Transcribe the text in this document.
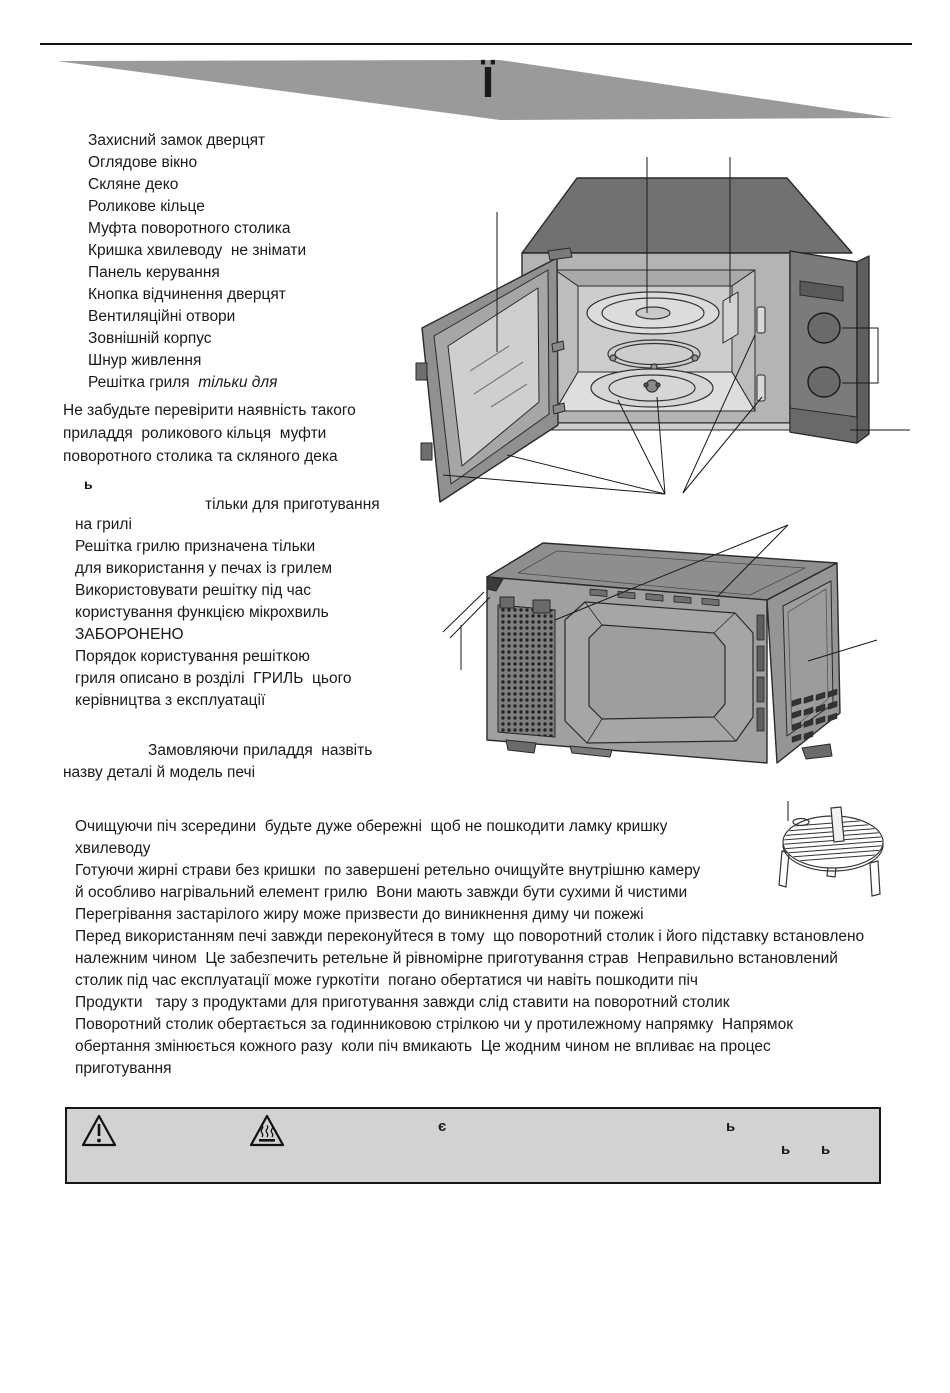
Ї
Захисний замок дверцят
Оглядове вікно
Скляне деко
Роликове кільце
Муфта поворотного столика
Кришка хвилеводу  не знімати
Панель керування
Кнопка відчинення дверцят
Вентиляційні отвори
Зовнішній корпус
Шнур живлення
Решітка гриля  тільки для
Не забудьте перевірити наявність такого
приладдя  роликового кільця  муфти
поворотного столика та скляного дека
ь
тільки для приготування
на грилі
Решітка грилю призначена тільки
для використання у печах із грилем
Використовувати решітку під час
користування функцією мікрохвиль
ЗАБОРОНЕНО
Порядок користування решіткою
гриля описано в розділі  ГРИЛЬ  цього
керівництва з експлуатації
Замовляючи приладдя  назвіть
назву деталі й модель печі
Очищуючи піч зсередини  будьте дуже обережні  щоб не пошкодити ламку кришку
хвилеводу
Готуючи жирні страви без кришки  по завершені ретельно очищуйте внутрішню камеру
й особливо нагрівальний елемент грилю  Вони мають завжди бути сухими й чистими
Перегрівання застарілого жиру може призвести до виникнення диму чи пожежі
Перед використанням печі завжди переконуйтеся в тому  що поворотний столик і його підставку встановлено
належним чином  Це забезпечить ретельне й рівномірне приготування страв  Неправильно встановлений
столик під час експлуатації може гуркотіти  погано обертатися чи навіть пошкодити піч
Продукти   тару з продуктами для приготування завжди слід ставити на поворотний столик
Поворотний столик обертається за годинниковою стрілкою чи у протилежному напрямку  Напрямок
обертання змінюється кожного разу  коли піч вмикають  Це жодним чином не впливає на процес
приготування
є	ь
ь ь
